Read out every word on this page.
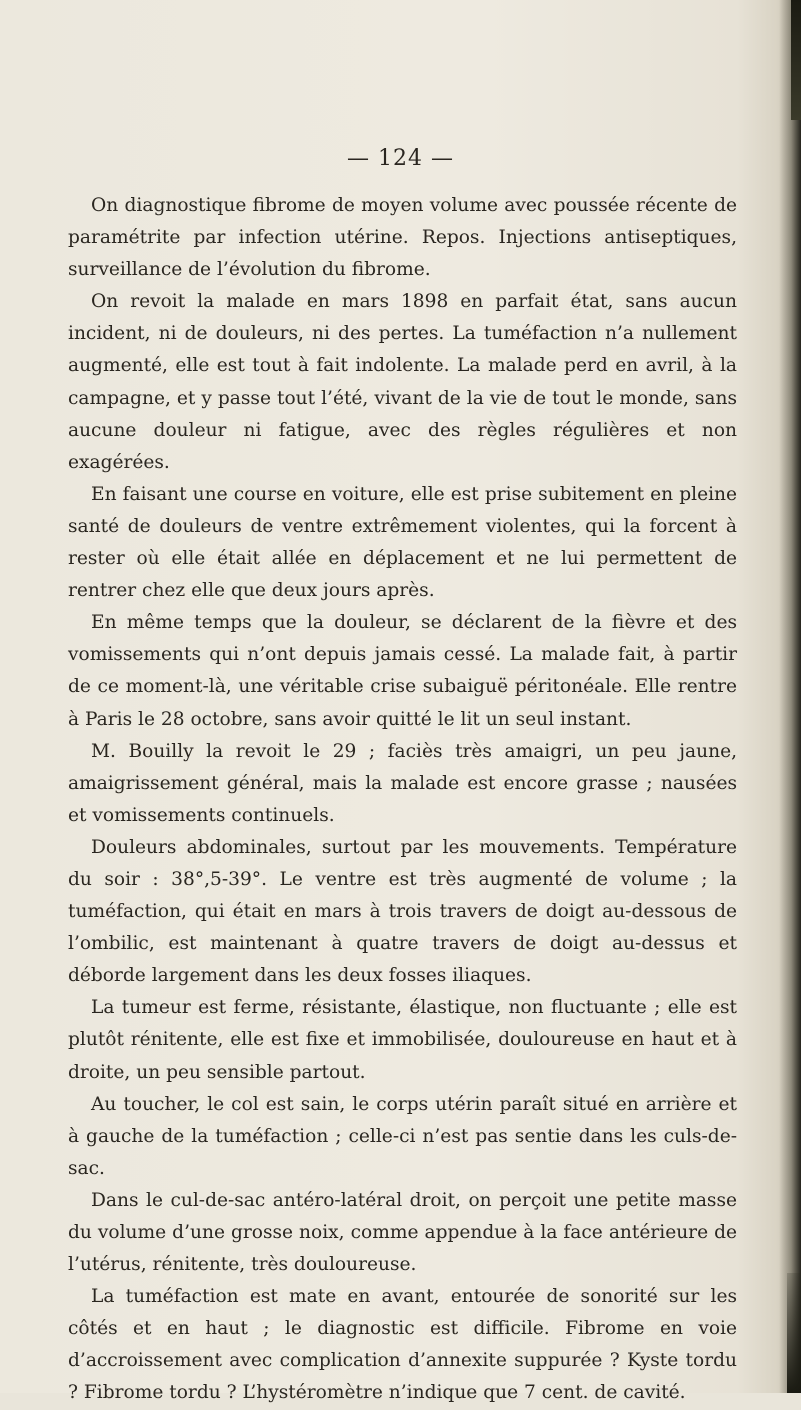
— 124 —

On diagnostique fibrome de moyen volume avec poussée récente de paramétrite par infection utérine. Repos. Injections antiseptiques, surveillance de l’évolution du fibrome.

On revoit la malade en mars 1898 en parfait état, sans aucun incident, ni de douleurs, ni des pertes. La tuméfaction n’a nullement augmenté, elle est tout à fait indolente. La malade perd en avril, à la campagne, et y passe tout l’été, vivant de la vie de tout le monde, sans aucune douleur ni fatigue, avec des règles régulières et non exagérées.

En faisant une course en voiture, elle est prise subitement en pleine santé de douleurs de ventre extrêmement violentes, qui la forcent à rester où elle était allée en déplacement et ne lui permettent de rentrer chez elle que deux jours après.

En même temps que la douleur, se déclarent de la fièvre et des vomissements qui n’ont depuis jamais cessé. La malade fait, à partir de ce moment-là, une véritable crise subaiguë péritonéale. Elle rentre à Paris le 28 octobre, sans avoir quitté le lit un seul instant.

M. Bouilly la revoit le 29 ; faciès très amaigri, un peu jaune, amaigrissement général, mais la malade est encore grasse ; nausées et vomissements continuels.

Douleurs abdominales, surtout par les mouvements. Température du soir : 38°,5-39°. Le ventre est très augmenté de volume ; la tuméfaction, qui était en mars à trois travers de doigt au-dessous de l’ombilic, est maintenant à quatre travers de doigt au-dessus et déborde largement dans les deux fosses iliaques.

La tumeur est ferme, résistante, élastique, non fluctuante ; elle est plutôt rénitente, elle est fixe et immobilisée, douloureuse en haut et à droite, un peu sensible partout.

Au toucher, le col est sain, le corps utérin paraît situé en arrière et à gauche de la tuméfaction ; celle-ci n’est pas sentie dans les culs-de-sac.

Dans le cul-de-sac antéro-latéral droit, on perçoit une petite masse du volume d’une grosse noix, comme appendue à la face antérieure de l’utérus, rénitente, très douloureuse.

La tuméfaction est mate en avant, entourée de sonorité sur les côtés et en haut ; le diagnostic est difficile. Fibrome en voie d’accroissement avec complication d’annexite suppurée ? Kyste tordu ? Fibrome tordu ? L’hystéromètre n’indique que 7 cent. de cavité.
